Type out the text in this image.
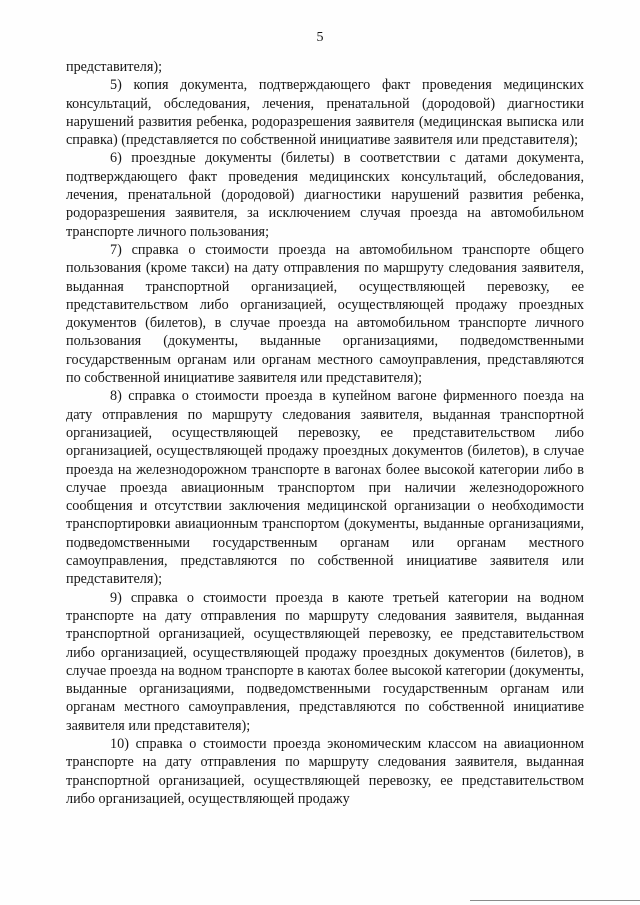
5

представителя);

5) копия документа, подтверждающего факт проведения медицинских консультаций, обследования, лечения, пренатальной (дородовой) диагностики нарушений развития ребенка, родоразрешения заявителя (медицинская выписка или справка) (представляется по собственной инициативе заявителя или представителя);

6) проездные документы (билеты) в соответствии с датами документа, подтверждающего факт проведения медицинских консультаций, обследования, лечения, пренатальной (дородовой) диагностики нарушений развития ребенка, родоразрешения заявителя, за исключением случая проезда на автомобильном транспорте личного пользования;

7) справка о стоимости проезда на автомобильном транспорте общего пользования (кроме такси) на дату отправления по маршруту следования заявителя, выданная транспортной организацией, осуществляющей перевозку, ее представительством либо организацией, осуществляющей продажу проездных документов (билетов), в случае проезда на автомобильном транспорте личного пользования (документы, выданные организациями, подведомственными государственным органам или органам местного самоуправления, представляются по собственной инициативе заявителя или представителя);

8) справка о стоимости проезда в купейном вагоне фирменного поезда на дату отправления по маршруту следования заявителя, выданная транспортной организацией, осуществляющей перевозку, ее представительством либо организацией, осуществляющей продажу проездных документов (билетов), в случае проезда на железнодорожном транспорте в вагонах более высокой категории либо в случае проезда авиационным транспортом при наличии железнодорожного сообщения и отсутствии заключения медицинской организации о необходимости транспортировки авиационным транспортом (документы, выданные организациями, подведомственными государственным органам или органам местного самоуправления, представляются по собственной инициативе заявителя или представителя);

9) справка о стоимости проезда в каюте третьей категории на водном транспорте на дату отправления по маршруту следования заявителя, выданная транспортной организацией, осуществляющей перевозку, ее представительством либо организацией, осуществляющей продажу проездных документов (билетов), в случае проезда на водном транспорте в каютах более высокой категории (документы, выданные организациями, подведомственными государственным органам или органам местного самоуправления, представляются по собственной инициативе заявителя или представителя);

10) справка о стоимости проезда экономическим классом на авиационном транспорте на дату отправления по маршруту следования заявителя, выданная транспортной организацией, осуществляющей перевозку, ее представительством либо организацией, осуществляющей продажу
